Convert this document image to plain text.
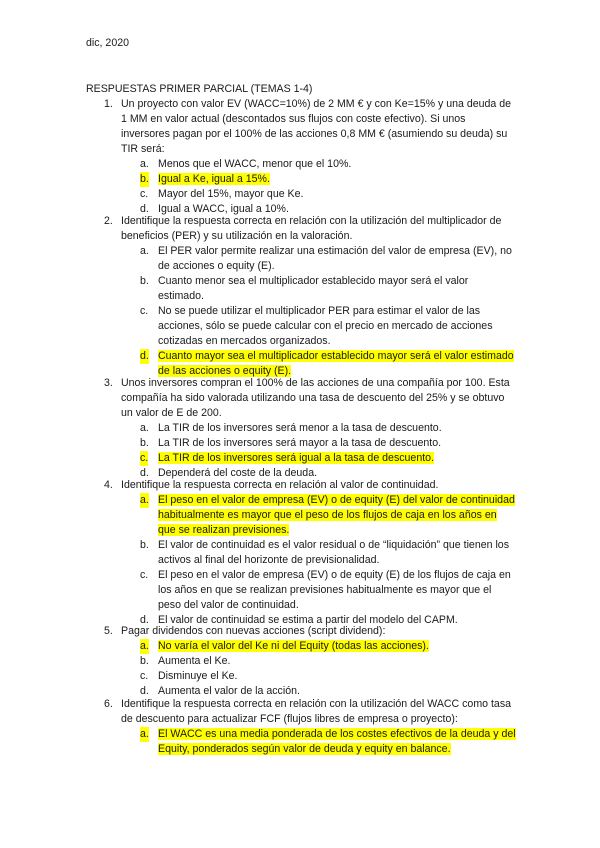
dic, 2020
RESPUESTAS PRIMER PARCIAL (TEMAS 1-4)
1. Un proyecto con valor EV (WACC=10%) de 2 MM € y con Ke=15% y una deuda de 1 MM en valor actual (descontados sus flujos con coste efectivo). Si unos inversores pagan por el 100% de las acciones 0,8 MM € (asumiendo su deuda) su TIR será:
a. Menos que el WACC, menor que el 10%.
b. Igual a Ke, igual a 15%.
c. Mayor del 15%, mayor que Ke.
d. Igual a WACC, igual a 10%.
2. Identifique la respuesta correcta en relación con la utilización del multiplicador de beneficios (PER) y su utilización en la valoración.
a. El PER valor permite realizar una estimación del valor de empresa (EV), no de acciones o equity (E).
b. Cuanto menor sea el multiplicador establecido mayor será el valor estimado.
c. No se puede utilizar el multiplicador PER para estimar el valor de las acciones, sólo se puede calcular con el precio en mercado de acciones cotizadas en mercados organizados.
d. Cuanto mayor sea el multiplicador establecido mayor será el valor estimado de las acciones o equity (E).
3. Unos inversores compran el 100% de las acciones de una compañía por 100. Esta compañía ha sido valorada utilizando una tasa de descuento del 25% y se obtuvo un valor de E de 200.
a. La TIR de los inversores será menor a la tasa de descuento.
b. La TIR de los inversores será mayor a la tasa de descuento.
c. La TIR de los inversores será igual a la tasa de descuento.
d. Dependerá del coste de la deuda.
4. Identifique la respuesta correcta en relación al valor de continuidad.
a. El peso en el valor de empresa (EV) o de equity (E) del valor de continuidad habitualmente es mayor que el peso de los flujos de caja en los años en que se realizan previsiones.
b. El valor de continuidad es el valor residual o de “liquidación” que tienen los activos al final del horizonte de previsionalidad.
c. El peso en el valor de empresa (EV) o de equity (E) de los flujos de caja en los años en que se realizan previsiones habitualmente es mayor que el peso del valor de continuidad.
d. El valor de continuidad se estima a partir del modelo del CAPM.
5. Pagar dividendos con nuevas acciones (script dividend):
a. No varía el valor del Ke ni del Equity (todas las acciones).
b. Aumenta el Ke.
c. Disminuye el Ke.
d. Aumenta el valor de la acción.
6. Identifique la respuesta correcta en relación con la utilización del WACC como tasa de descuento para actualizar FCF (flujos libres de empresa o proyecto):
a. El WACC es una media ponderada de los costes efectivos de la deuda y del Equity, ponderados según valor de deuda y equity en balance.
